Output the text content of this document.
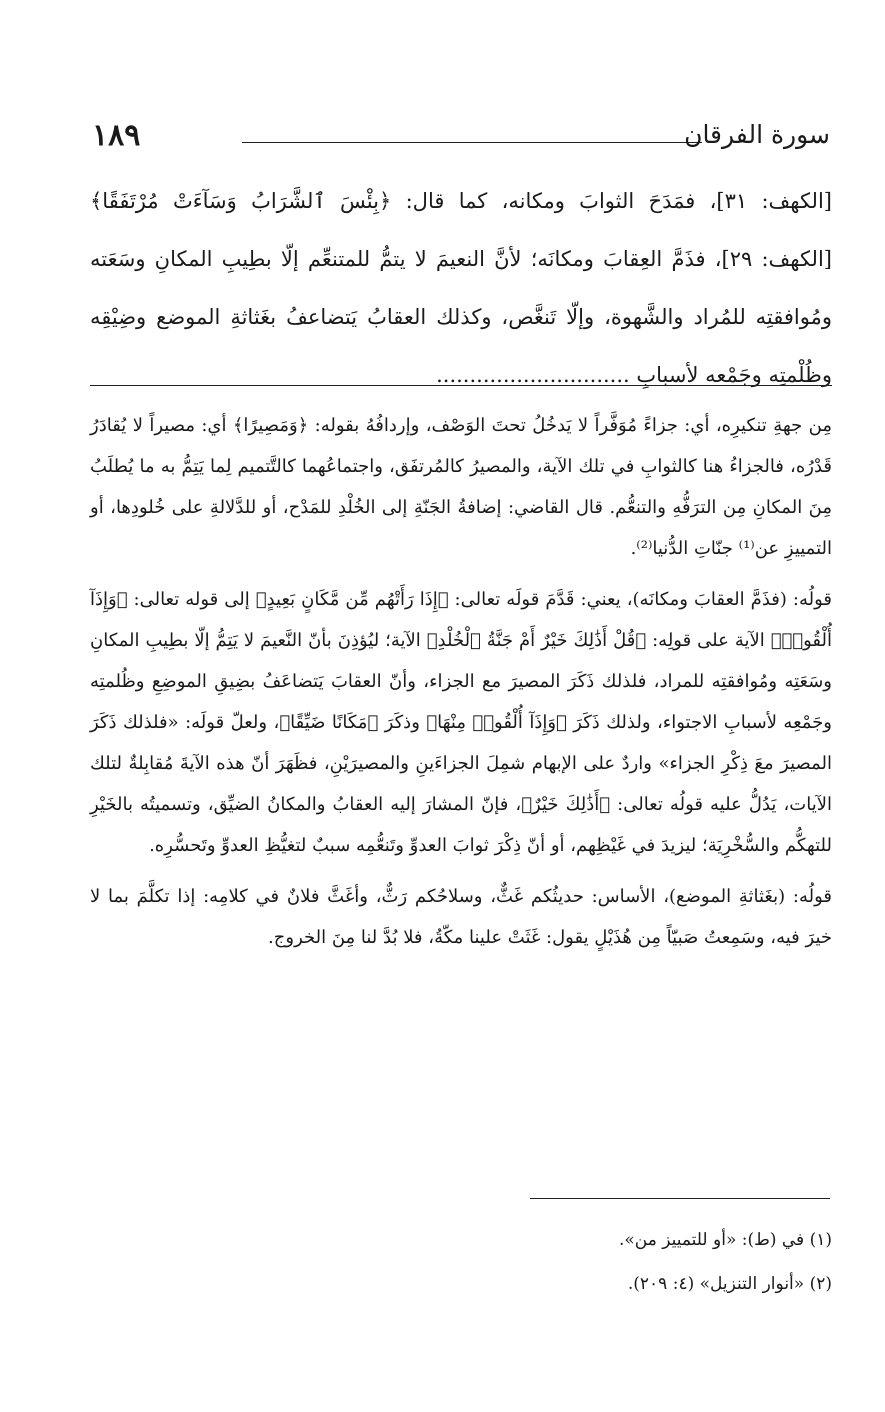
١٨٩	سورة الفرقان

[الكهف: ٣١]، فمَدَحَ الثوابَ ومكانه، كما قال: ﴿بِئْسَ ٱلشَّرَابُ وَسَآءَتْ مُرْتَفَقًا﴾ [الكهف: ٢٩]، فذَمَّ العِقابَ ومكانَه؛ لأنَّ النعيمَ لا يتمُّ للمتنعِّم إلّا بطِيبِ المكانِ وسَعَته ومُوافقتِه للمُراد والشَّهوة، وإلّا تَنغَّص، وكذلك العقابُ يَتضاعفُ بغَثاثةِ الموضع وضِيْقِه وظُلْمتِه وجَمْعه لأسبابِ .............................

مِن جهةِ تنكيرِه، أي: جزاءً مُوَفَّراً لا يَدخُلُ تحتَ الوَصْف، وإردافُهُ بقوله: ﴿وَمَصِيرًا﴾ أي: مصيراً لا يُقادَرُ قَدْرُه، فالجزاءُ هنا كالثوابِ في تلك الآية، والمصيرُ كالمُرتفَق، واجتماعُهما كالتَّتميم لِما يَتِمُّ به ما يُطلَبُ مِنَ المكانِ مِن الترَفُّهِ والتنعُّم. قال القاضي: إضافةُ الجَنّةِ إلى الخُلْدِ للمَدْح، أو للدَّلالةِ على خُلودِها، أو التمييزِ عن⁽¹⁾ جنّاتِ الدُّنيا⁽²⁾.

قولُه: (فذَمَّ العقابَ ومكانَه)، يعني: قَدَّمَ قولَه تعالى: ﴿إِذَا رَأَتْهُم مِّن مَّكَانٍ بَعِيدٍ﴾ إلى قوله تعالى: ﴿وَإِذَآ أُلْقُوا۟﴾ الآية على قولِه: ﴿قُلْ أَذَٰلِكَ خَيْرٌ أَمْ جَنَّةُ ٱلْخُلْدِ﴾ الآية؛ ليُؤذِنَ بأنّ النَّعيمَ لا يَتِمُّ إلّا بطِيبِ المكانِ وسَعَتِه ومُوافقتِه للمراد، فلذلك ذَكَرَ المصيرَ مع الجزاء، وأنّ العقابَ يَتضاعَفُ بضِيقِ الموضِعِ وظُلمتِه وجَمْعِه لأسبابِ الاجتواء، ولذلك ذَكَرَ ﴿وَإِذَآ أُلْقُوا۟ مِنْهَا﴾ وذكَرَ ﴿مَكَانًا ضَيِّقًا﴾، ولعلّ قولَه: «فلذلك ذَكَرَ المصيرَ معَ ذِكْرِ الجزاء» واردٌ على الإبهام شمِلَ الجزاءَينِ والمصيرَيْنِ، فظَهَرَ أنّ هذه الآيةَ مُقابِلةٌ لتلك الآيات، يَدُلُّ عليه قولُه تعالى: ﴿أَذَٰلِكَ خَيْرٌ﴾، فإنّ المشارَ إليه العقابُ والمكانُ الضيِّق، وتسميتُه بالخَيْرِ للتهكُّم والسُّخْرِيَة؛ ليزيدَ في غَيْظِهم، أو أنّ ذِكْرَ ثوابَ العدوِّ وتَنعُّمِه سببٌ لتغيُّظِ العدوِّ وتَحسُّرِه.

قولُه: (بغَثاثةِ الموضع)، الأساس: حديثُكم غَثٌّ، وسلاحُكم رَثٌّ، وأغَثَّ فلانٌ في كلامِه: إذا تكلَّمَ بما لا خيرَ فيه، وسَمِعتُ صَبيّاً مِن هُذَيْلٍ يقول: غَثَتْ علينا مكّةُ، فلا بُدَّ لنا مِنَ الخروج.

(١) في (ط): «أو للتمييز من».

(٢) «أنوار التنزيل» (٤: ٢٠٩).
